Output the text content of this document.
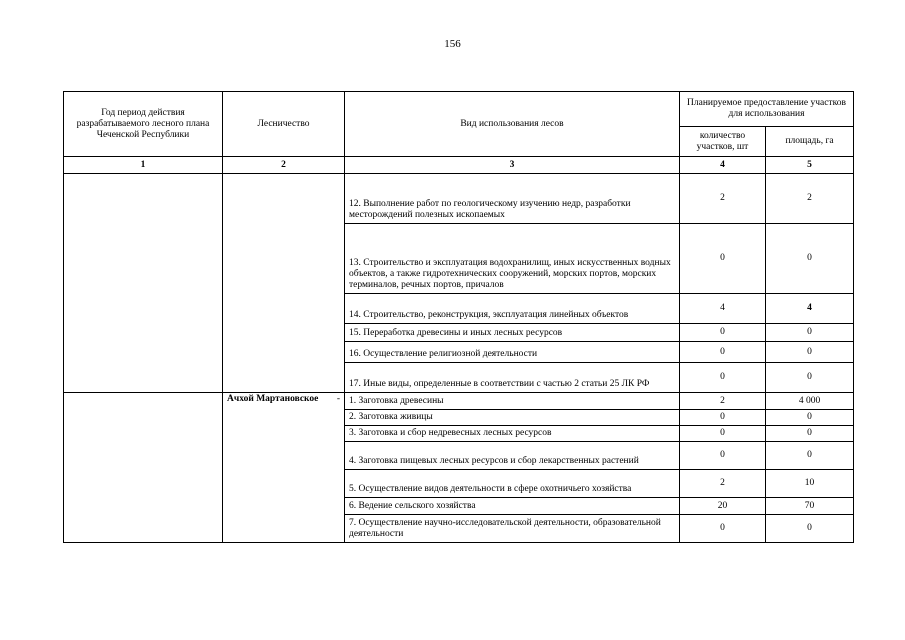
156
Год период действия разрабатываемого лесного плана Чеченской Республики	Лесничество	Вид использования лесов	Планируемое предоставление участков для использования	
			количество участков, шт	площадь, га
1	2	3	4	5
		12. Выполнение работ по геологическому изучению недр, разработки месторождений полезных ископаемых	2	2
		13. Строительство и эксплуатация водохранилищ, иных искусственных водных объектов, а также гидротехнических сооружений, морских портов, морских терминалов, речных портов, причалов	0	0
		14. Строительство, реконструкция, эксплуатация линейных объектов	4	4
		15. Переработка древесины и иных лесных ресурсов	0	0
		16. Осуществление религиозной деятельности	0	0
		17. Иные виды, определенные в соответствии с частью 2 статьи 25 ЛК РФ	0	0
	Ачхой Мартановское -	1. Заготовка древесины	2	4 000
		2. Заготовка живицы	0	0
		3. Заготовка и сбор недревесных лесных ресурсов	0	0
		4. Заготовка пищевых лесных ресурсов и сбор лекарственных растений	0	0
		5. Осуществление видов деятельности в сфере охотничьего хозяйства	2	10
		6. Ведение сельского хозяйства	20	70
		7. Осуществление научно-исследовательской деятельности, образовательной деятельности	0	0
